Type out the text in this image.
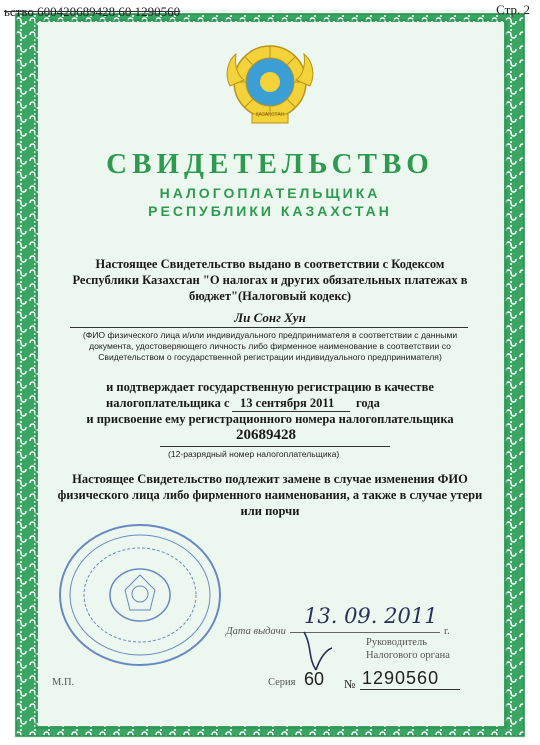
ьство 600420689428 60 1290560	Стр. 2
ҚАЗАҚСТАН
СВИДЕТЕЛЬСТВО
НАЛОГОПЛАТЕЛЬЩИКА
РЕСПУБЛИКИ КАЗАХСТАН
Настоящее Свидетельство выдано в соответствии с Кодексом
Республики Казахстан "О налогах и других обязательных платежах в
бюджет"(Налоговый кодекс)
Ли Сонг Хун
(ФИО физического лица и/или индивидуального предпринимателя в соответствии с данными
документа, удостоверяющего личность либо фирменное наименование в соответствии со
Свидетельством о государственной регистрации индивидуального предпринимателя)
и подтверждает государственную регистрацию в качестве
налогоплательщика с 13 сентября 2011 года
и присвоение ему регистрационного номера налогоплательщика
20689428
(12-разрядный номер налогоплательщика)
Настоящее Свидетельство подлежит замене в случае изменения ФИО
физического лица либо фирменного наименования, а также в случае утери
или порчи
Дата выдачи
13. 09. 2011
г.
Руководитель
Налогового органа
М.П.	Серия 60 № 1290560
